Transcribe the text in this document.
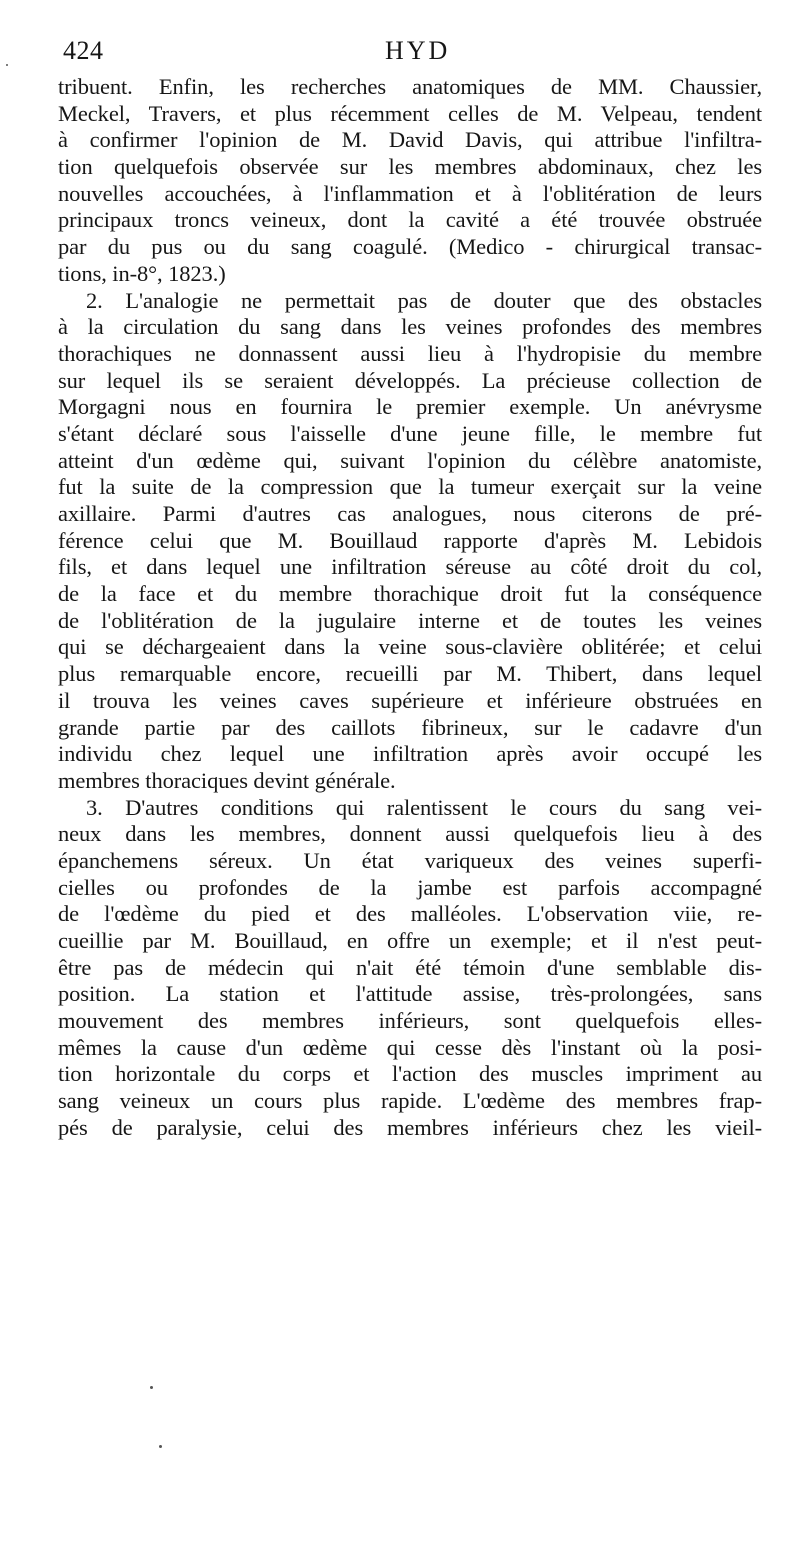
424	HYD
tribuent. Enfin, les recherches anatomiques de MM. Chaussier,
Meckel, Travers, et plus récemment celles de M. Velpeau, tendent
à confirmer l'opinion de M. David Davis, qui attribue l'infiltra-
tion quelquefois observée sur les membres abdominaux, chez les
nouvelles accouchées, à l'inflammation et à l'oblitération de leurs
principaux troncs veineux, dont la cavité a été trouvée obstruée
par du pus ou du sang coagulé. (Medico - chirurgical transac-
tions, in-8°, 1823.)
2. L'analogie ne permettait pas de douter que des obstacles
à la circulation du sang dans les veines profondes des membres
thorachiques ne donnassent aussi lieu à l'hydropisie du membre
sur lequel ils se seraient développés. La précieuse collection de
Morgagni nous en fournira le premier exemple. Un anévrysme
s'étant déclaré sous l'aisselle d'une jeune fille, le membre fut
atteint d'un œdème qui, suivant l'opinion du célèbre anatomiste,
fut la suite de la compression que la tumeur exerçait sur la veine
axillaire. Parmi d'autres cas analogues, nous citerons de pré-
férence celui que M. Bouillaud rapporte d'après M. Lebidois
fils, et dans lequel une infiltration séreuse au côté droit du col,
de la face et du membre thorachique droit fut la conséquence
de l'oblitération de la jugulaire interne et de toutes les veines
qui se déchargeaient dans la veine sous-clavière oblitérée; et celui
plus remarquable encore, recueilli par M. Thibert, dans lequel
il trouva les veines caves supérieure et inférieure obstruées en
grande partie par des caillots fibrineux, sur le cadavre d'un
individu chez lequel une infiltration après avoir occupé les
membres thoraciques devint générale.
3. D'autres conditions qui ralentissent le cours du sang vei-
neux dans les membres, donnent aussi quelquefois lieu à des
épanchemens séreux. Un état variqueux des veines superfi-
cielles ou profondes de la jambe est parfois accompagné
de l'œdème du pied et des malléoles. L'observation viie, re-
cueillie par M. Bouillaud, en offre un exemple; et il n'est peut-
être pas de médecin qui n'ait été témoin d'une semblable dis-
position. La station et l'attitude assise, très-prolongées, sans
mouvement des membres inférieurs, sont quelquefois elles-
mêmes la cause d'un œdème qui cesse dès l'instant où la posi-
tion horizontale du corps et l'action des muscles impriment au
sang veineux un cours plus rapide. L'œdème des membres frap-
pés de paralysie, celui des membres inférieurs chez les vieil-
